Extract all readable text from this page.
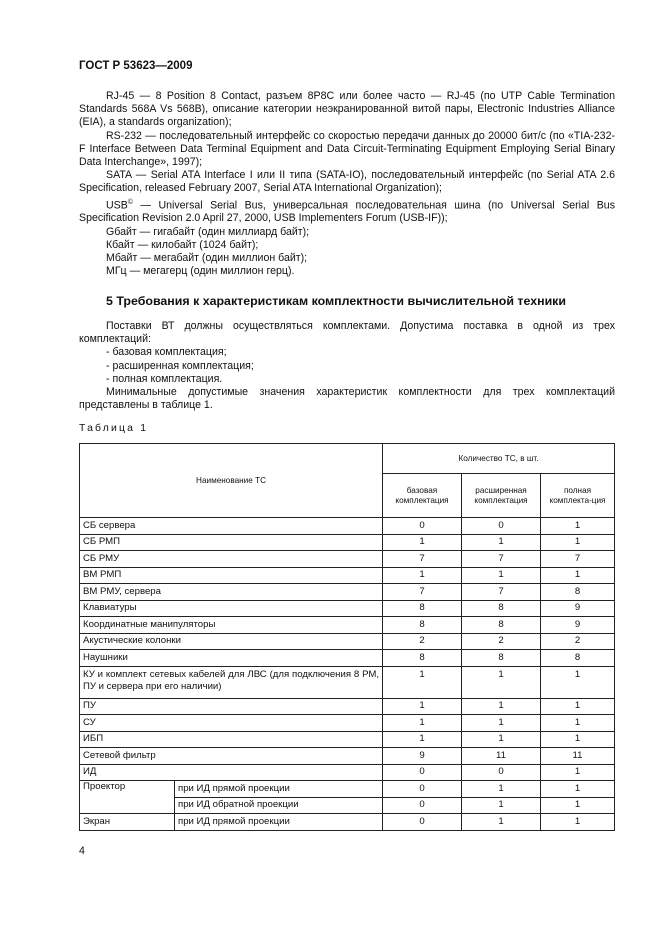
ГОСТ Р 53623—2009

RJ-45 — 8 Position 8 Contact, разъем 8P8C или более часто — RJ-45 (по UTP Cable Termination Standards 568A Vs 568B), описание категории неэкранированной витой пары, Electronic Industries Alliance (EIA), a standards organization);

RS-232 — последовательный интерфейс со скоростью передачи данных до 20000 бит/с (по «TIA-232-F Interface Between Data Terminal Equipment and Data Circuit-Terminating Equipment Employing Serial Binary Data Interchange», 1997);

SATA — Serial ATA Interface I или II типа (SATA-IO), последовательный интерфейс (по Serial ATA 2.6 Specification, released February 2007, Serial ATA International Organization);

USB© — Universal Serial Bus, универсальная последовательная шина (по Universal Serial Bus Specification Revision 2.0 April 27, 2000, USB Implementers Forum (USB-IF));

Gбайт — гигабайт (один миллиард байт);

Кбайт — килобайт (1024 байт);

Мбайт — мегабайт (один миллион байт);

МГц — мегагерц (один миллион герц).

5 Требования к характеристикам комплектности вычислительной техники

Поставки ВТ должны осуществляться комплектами. Допустима поставка в одной из трех комплектаций:

- базовая комплектация;

- расширенная комплектация;

- полная комплектация.

Минимальные допустимые значения характеристик комплектности для трех комплектаций представлены в таблице 1.

Таблица 1
Наименование ТС		Количество ТС, в шт.		
		базовая комплектация	расширенная комплектация	полная комплекта-ция
СБ сервера		0	0	1
СБ РМП		1	1	1
СБ РМУ		7	7	7
ВМ РМП		1	1	1
ВМ РМУ, сервера		7	7	8
Клавиатуры		8	8	9
Координатные манипуляторы		8	8	9
Акустические колонки		2	2	2
Наушники		8	8	8
КУ и комплект сетевых кабелей для ЛВС (для подключения 8 РМ, ПУ и сервера при его наличии)		1	1	1
ПУ		1	1	1
СУ		1	1	1
ИБП		1	1	1
Сетевой фильтр		9	11	11
ИД		0	0	1
Проектор	при ИД прямой проекции	0	1	1
	при ИД обратной проекции	0	1	1
Экран	при ИД прямой проекции	0	1	1
4
